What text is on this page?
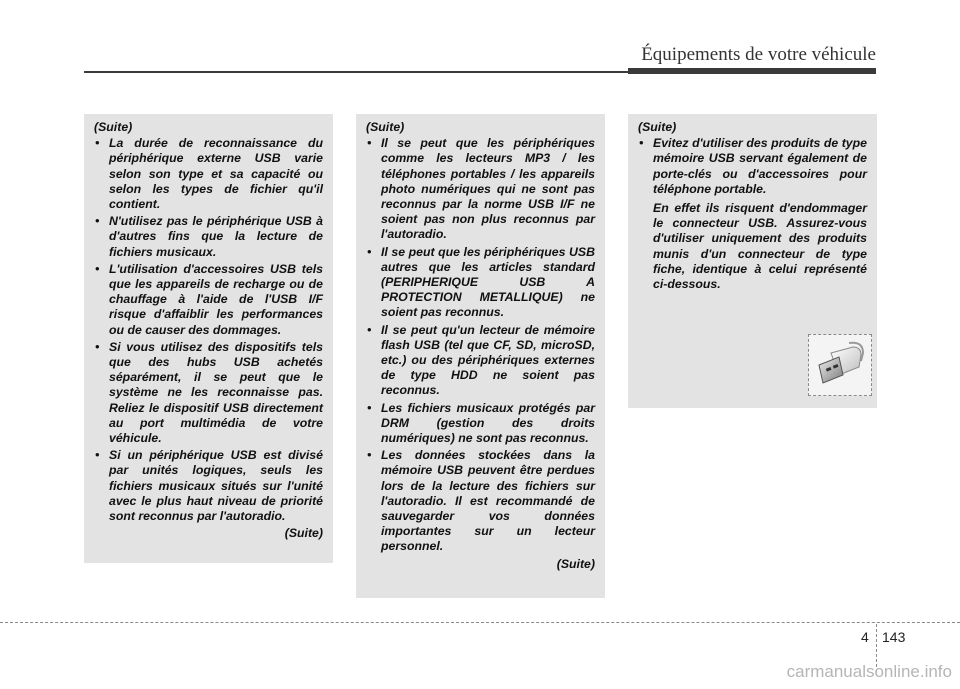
Équipements de votre véhicule
(Suite)
• La durée de reconnaissance du périphérique externe USB varie selon son type et sa capacité ou selon les types de fichier qu'il contient.
• N'utilisez pas le périphérique USB à d'autres fins que la lecture de fichiers musicaux.
• L'utilisation d'accessoires USB tels que les appareils de recharge ou de chauffage à l'aide de l'USB I/F risque d'affaiblir les performances ou de causer des dommages.
• Si vous utilisez des dispositifs tels que des hubs USB achetés séparément, il se peut que le système ne les reconnaisse pas. Reliez le dispositif USB directement au port multimédia de votre véhicule.
• Si un périphérique USB est divisé par unités logiques, seuls les fichiers musicaux situés sur l'unité avec le plus haut niveau de priorité sont reconnus par l'autoradio.
(Suite)
(Suite)
• Il se peut que les périphériques comme les lecteurs MP3 / les téléphones portables / les appareils photo numériques qui ne sont pas reconnus par la norme USB I/F ne soient pas non plus reconnus par l'autoradio.
• Il se peut que les périphériques USB autres que les articles standard (PERIPHERIQUE USB A PROTECTION METALLIQUE) ne soient pas reconnus.
• Il se peut qu'un lecteur de mémoire flash USB (tel que CF, SD, microSD, etc.) ou des périphériques externes de type HDD ne soient pas reconnus.
• Les fichiers musicaux protégés par DRM (gestion des droits numériques) ne sont pas reconnus.
• Les données stockées dans la mémoire USB peuvent être perdues lors de la lecture des fichiers sur l'autoradio. Il est recommandé de sauvegarder vos données importantes sur un lecteur personnel.
(Suite)
(Suite)
• Evitez d'utiliser des produits de type mémoire USB servant également de porte-clés ou d'accessoires pour téléphone portable.
En effet ils risquent d'endommager le connecteur USB. Assurez-vous d'utiliser uniquement des produits munis d'un connecteur de type fiche, identique à celui représenté ci-dessous.
4 143
carmanualsonline.info
